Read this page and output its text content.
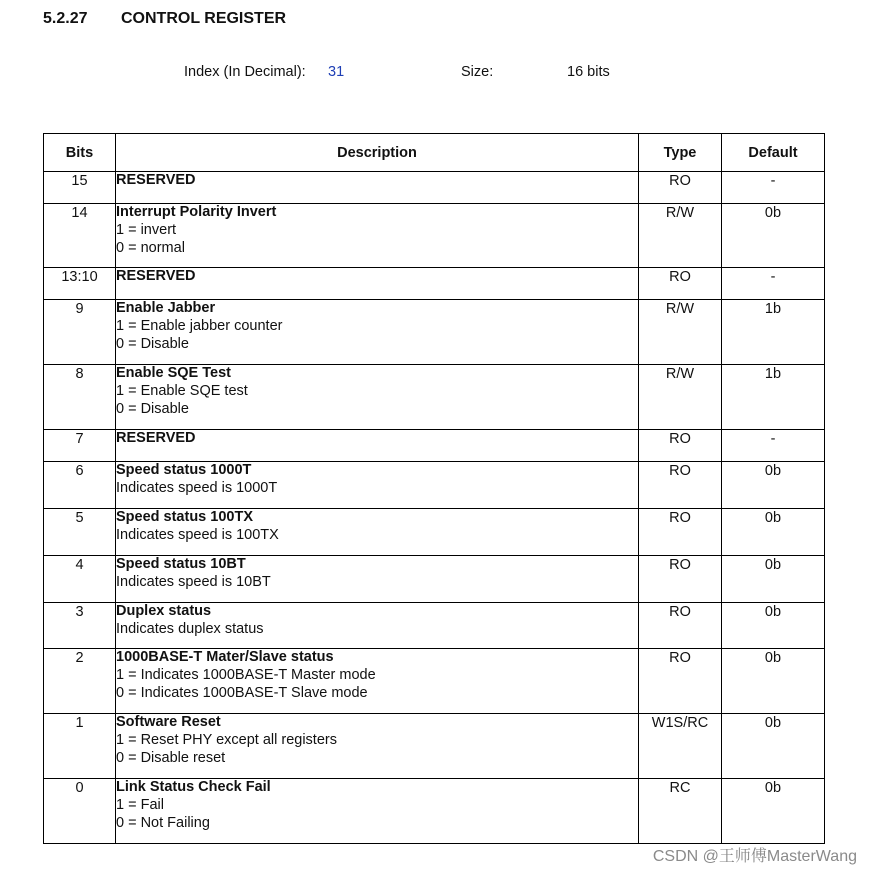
5.2.27 CONTROL REGISTER
Index (In Decimal): 31	Size:	16 bits
Bits	Description	Type	Default
15	RESERVED	RO	-
14	Interrupt Polarity Invert
1 = invert
0 = normal	R/W	0b
13:10	RESERVED	RO	-
9	Enable Jabber
1 = Enable jabber counter
0 = Disable	R/W	1b
8	Enable SQE Test
1 = Enable SQE test
0 = Disable	R/W	1b
7	RESERVED	RO	-
6	Speed status 1000T
Indicates speed is 1000T	RO	0b
5	Speed status 100TX
Indicates speed is 100TX	RO	0b
4	Speed status 10BT
Indicates speed is 10BT	RO	0b
3	Duplex status
Indicates duplex status	RO	0b
2	1000BASE-T Mater/Slave status
1 = Indicates 1000BASE-T Master mode
0 = Indicates 1000BASE-T Slave mode	RO	0b
1	Software Reset
1 = Reset PHY except all registers
0 = Disable reset	W1S/RC	0b
0	Link Status Check Fail
1 = Fail
0 = Not Failing	RC	0b
CSDN @王师傅MasterWang
